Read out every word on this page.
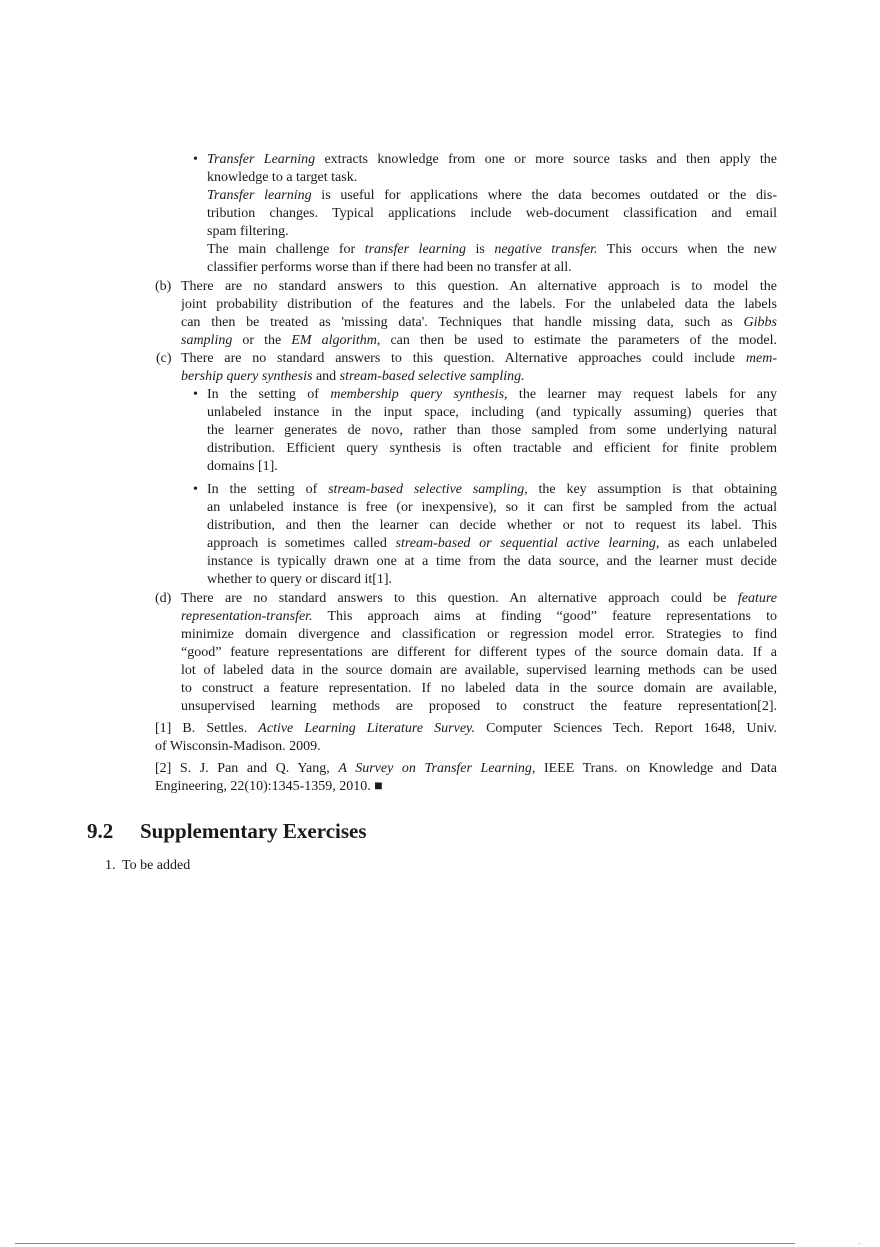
• Transfer Learning extracts knowledge from one or more source tasks and then apply the
knowledge to a target task.
Transfer learning is useful for applications where the data becomes outdated or the dis-
tribution changes. Typical applications include web-document classification and email
spam filtering.
The main challenge for transfer learning is negative transfer. This occurs when the new
classifier performs worse than if there had been no transfer at all.
(b) There are no standard answers to this question. An alternative approach is to model the
joint probability distribution of the features and the labels. For the unlabeled data the labels
can then be treated as 'missing data'. Techniques that handle missing data, such as Gibbs
sampling or the EM algorithm, can then be used to estimate the parameters of the model.
(c) There are no standard answers to this question. Alternative approaches could include mem-
bership query synthesis and stream-based selective sampling.
• In the setting of membership query synthesis, the learner may request labels for any
unlabeled instance in the input space, including (and typically assuming) queries that
the learner generates de novo, rather than those sampled from some underlying natural
distribution. Efficient query synthesis is often tractable and efficient for finite problem
domains [1].
• In the setting of stream-based selective sampling, the key assumption is that obtaining
an unlabeled instance is free (or inexpensive), so it can first be sampled from the actual
distribution, and then the learner can decide whether or not to request its label. This
approach is sometimes called stream-based or sequential active learning, as each unlabeled
instance is typically drawn one at a time from the data source, and the learner must decide
whether to query or discard it[1].
(d) There are no standard answers to this question. An alternative approach could be feature
representation-transfer. This approach aims at finding “good” feature representations to
minimize domain divergence and classification or regression model error. Strategies to find
“good” feature representations are different for different types of the source domain data. If a
lot of labeled data in the source domain are available, supervised learning methods can be used
to construct a feature representation. If no labeled data in the source domain are available,
unsupervised learning methods are proposed to construct the feature representation[2].
[1] B. Settles. Active Learning Literature Survey. Computer Sciences Tech. Report 1648, Univ.
of Wisconsin-Madison. 2009.
[2] S. J. Pan and Q. Yang, A Survey on Transfer Learning, IEEE Trans. on Knowledge and Data
Engineering, 22(10):1345-1359, 2010. ■
9.2 Supplementary Exercises
1. To be added
